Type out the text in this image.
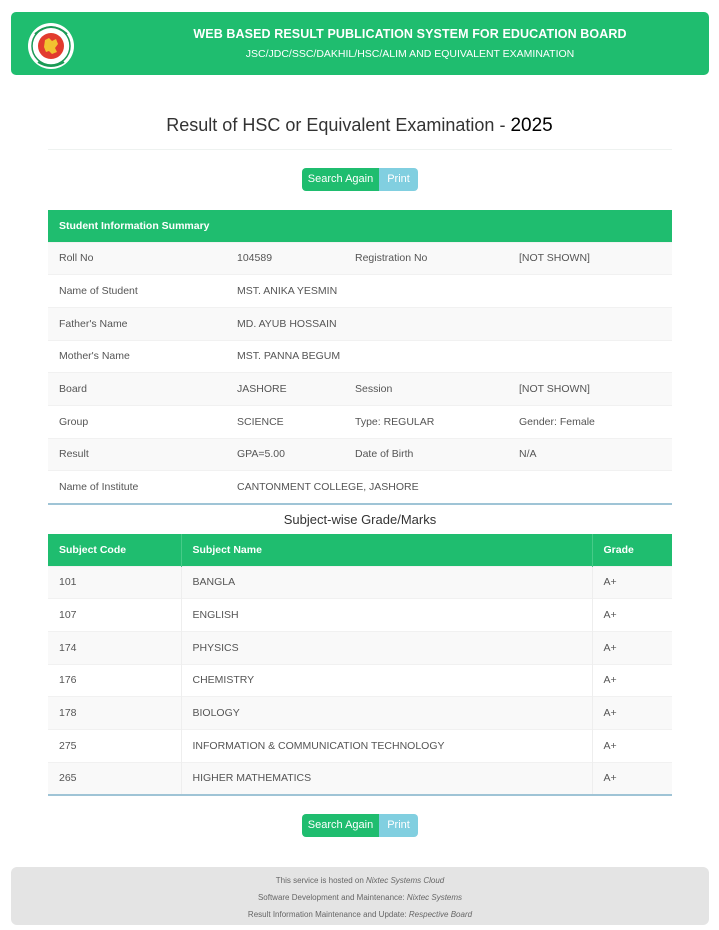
WEB BASED RESULT PUBLICATION SYSTEM FOR EDUCATION BOARD
JSC/JDC/SSC/DAKHIL/HSC/ALIM AND EQUIVALENT EXAMINATION
Result of HSC or Equivalent Examination - 2025
Search Again	Print
Student Information Summary			
Roll No	104589	Registration No	[NOT SHOWN]
Name of Student	MST. ANIKA YESMIN		
Father's Name	MD. AYUB HOSSAIN		
Mother's Name	MST. PANNA BEGUM		
Board	JASHORE	Session	[NOT SHOWN]
Group	SCIENCE	Type: REGULAR	Gender: Female
Result	GPA=5.00	Date of Birth	N/A
Name of Institute	CANTONMENT COLLEGE, JASHORE		
Subject-wise Grade/Marks
Subject Code	Subject Name	Grade
101	BANGLA	A+
107	ENGLISH	A+
174	PHYSICS	A+
176	CHEMISTRY	A+
178	BIOLOGY	A+
275	INFORMATION & COMMUNICATION TECHNOLOGY	A+
265	HIGHER MATHEMATICS	A+
Search Again	Print
This service is hosted on Nixtec Systems Cloud
Software Development and Maintenance: Nixtec Systems
Result Information Maintenance and Update: Respective Board
